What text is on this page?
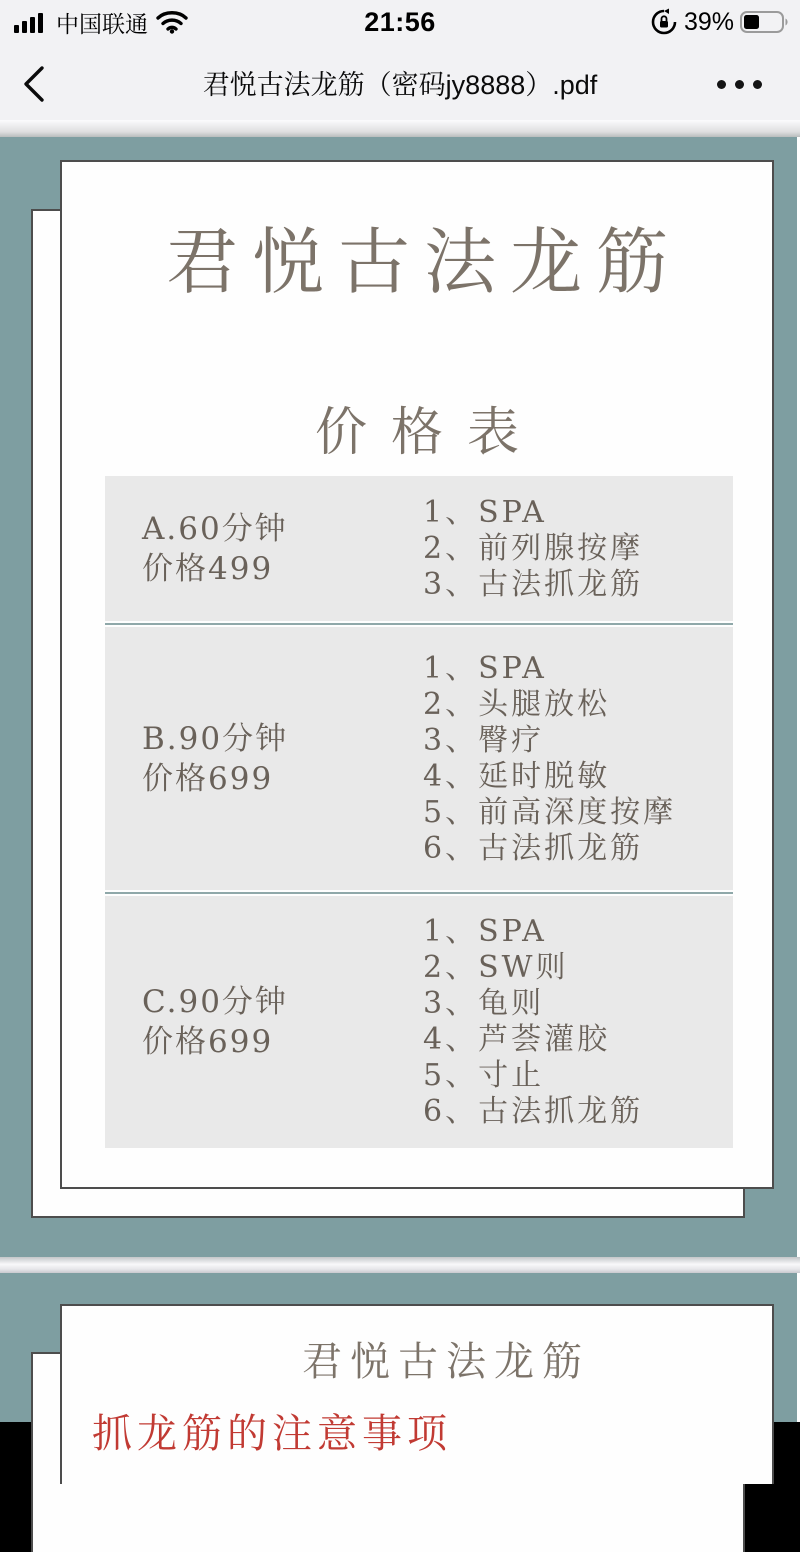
中国联通	21:56	39%
君悦古法龙筋（密码jy8888）.pdf
君悦古法龙筋
价格表
A.60分钟
价格499
1、SPA
2、前列腺按摩
3、古法抓龙筋
B.90分钟
价格699
1、SPA
2、头腿放松
3、臀疗
4、延时脱敏
5、前高深度按摩
6、古法抓龙筋
C.90分钟
价格699
1、SPA
2、SW则
3、龟则
4、芦荟灌胶
5、寸止
6、古法抓龙筋
君悦古法龙筋
抓龙筋的注意事项
